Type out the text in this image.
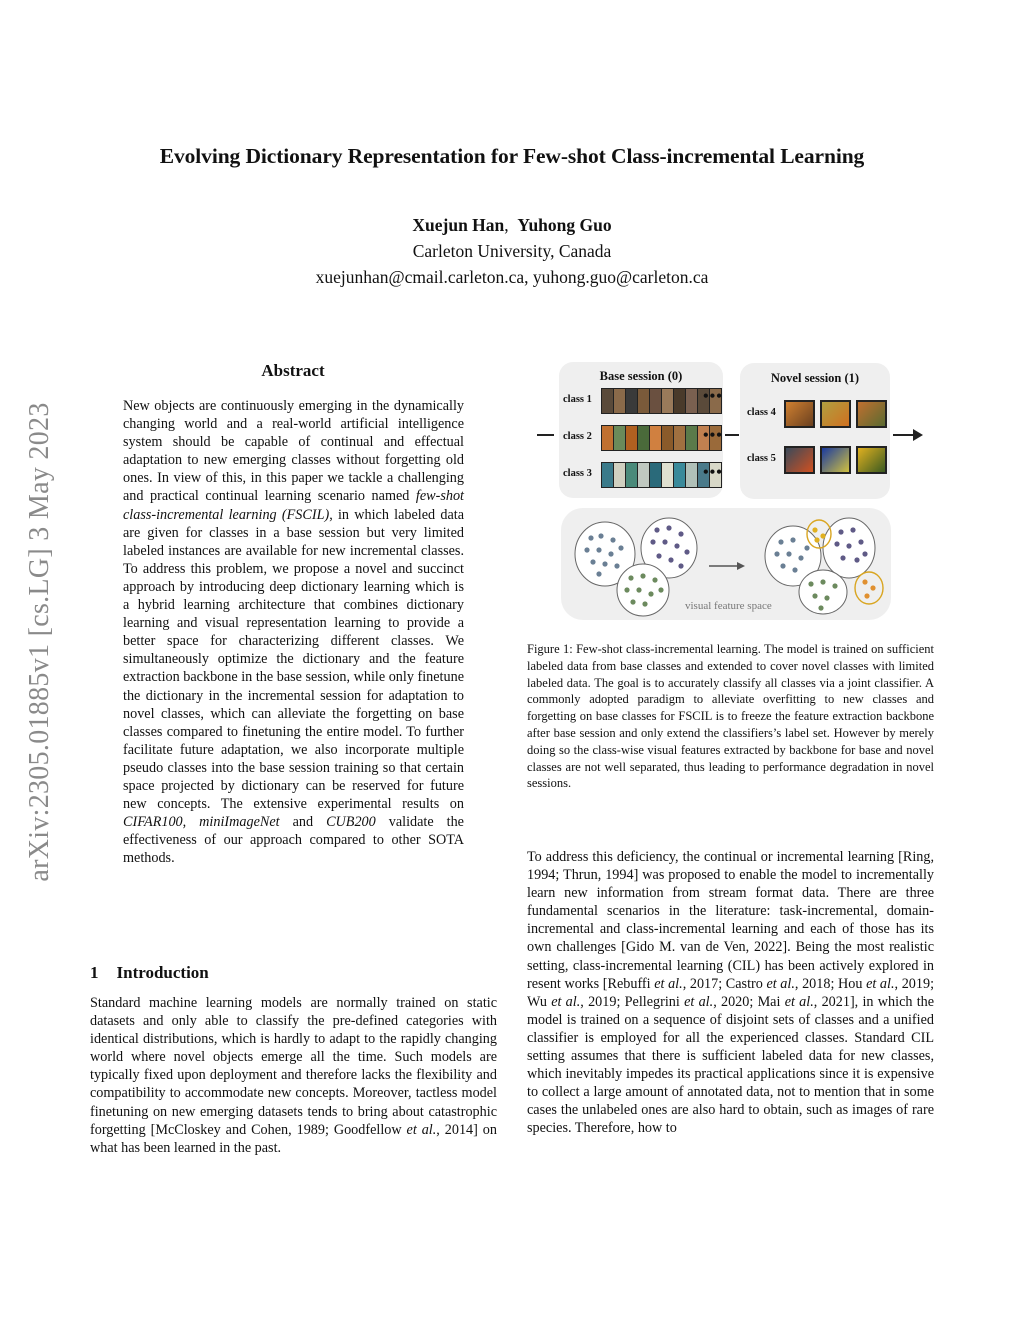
arXiv:2305.01885v1 [cs.LG] 3 May 2023
Evolving Dictionary Representation for Few-shot Class-incremental Learning
Xuejun Han, Yuhong Guo
Carleton University, Canada
xuejunhan@cmail.carleton.ca, yuhong.guo@carleton.ca
Abstract
New objects are continuously emerging in the dynamically changing world and a real-world artificial intelligence system should be capable of continual and effectual adaptation to new emerging classes without forgetting old ones. In view of this, in this paper we tackle a challenging and practical continual learning scenario named few-shot class-incremental learning (FSCIL), in which labeled data are given for classes in a base session but very limited labeled instances are available for new incremental classes. To address this problem, we propose a novel and succinct approach by introducing deep dictionary learning which is a hybrid learning architecture that combines dictionary learning and visual representation learning to provide a better space for characterizing different classes. We simultaneously optimize the dictionary and the feature extraction backbone in the base session, while only finetune the dictionary in the incremental session for adaptation to novel classes, which can alleviate the forgetting on base classes compared to finetuning the entire model. To further facilitate future adaptation, we also incorporate multiple pseudo classes into the base session training so that certain space projected by dictionary can be reserved for future new concepts. The extensive experimental results on CIFAR100, miniImageNet and CUB200 validate the effectiveness of our approach compared to other SOTA methods.
1 Introduction
Standard machine learning models are normally trained on static datasets and only able to classify the pre-defined categories with identical distributions, which is hardly to adapt to the rapidly changing world where novel objects emerge all the time. Such models are typically fixed upon deployment and therefore lacks the flexibility and compatibility to accommodate new concepts. Moreover, tactless model finetuning on new emerging datasets tends to bring about catastrophic forgetting [McCloskey and Cohen, 1989; Goodfellow et al., 2014] on what has been learned in the past.
Base session (0)
class 1
class 2
class 3
•••
•••
•••
Novel session (1)
class 4
class 5
visual feature space
Figure 1: Few-shot class-incremental learning. The model is trained on sufficient labeled data from base classes and extended to cover novel classes with limited labeled data. The goal is to accurately classify all classes via a joint classifier. A commonly adopted paradigm to alleviate overfitting to new classes and forgetting on base classes for FSCIL is to freeze the feature extraction backbone after base session and only extend the classifiers’s label set. However by merely doing so the class-wise visual features extracted by backbone for base and novel classes are not well separated, thus leading to performance degradation in novel sessions.
To address this deficiency, the continual or incremental learning [Ring, 1994; Thrun, 1994] was proposed to enable the model to incrementally learn new information from stream format data. There are three fundamental scenarios in the literature: task-incremental, domain-incremental and class-incremental learning and each of those has its own challenges [Gido M. van de Ven, 2022]. Being the most realistic setting, class-incremental learning (CIL) has been actively explored in resent works [Rebuffi et al., 2017; Castro et al., 2018; Hou et al., 2019; Wu et al., 2019; Pellegrini et al., 2020; Mai et al., 2021], in which the model is trained on a sequence of disjoint sets of classes and a unified classifier is employed for all the experienced classes. Standard CIL setting assumes that there is sufficient labeled data for new classes, which inevitably impedes its practical applications since it is expensive to collect a large amount of annotated data, not to mention that in some cases the unlabeled ones are also hard to obtain, such as images of rare species. Therefore, how to
